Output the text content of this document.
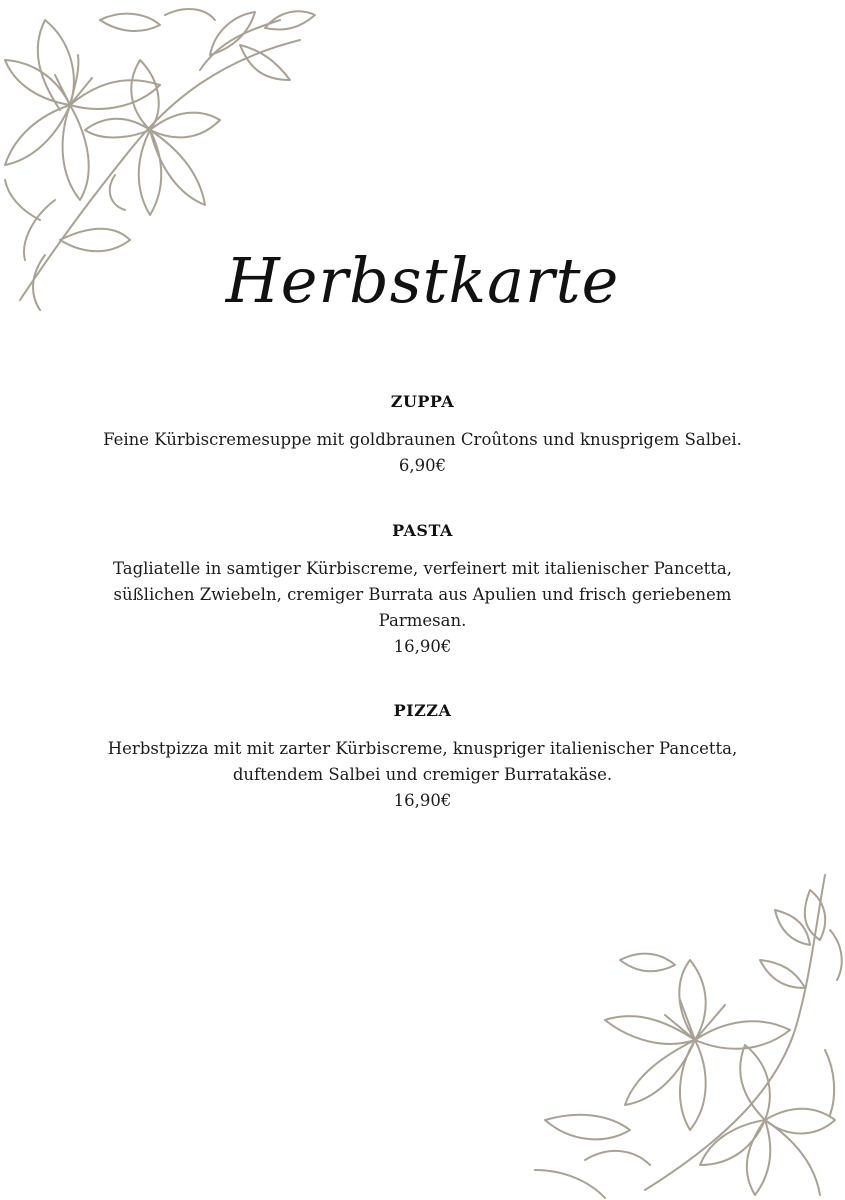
Herbstkarte
ZUPPA

Feine Kürbiscremesuppe mit goldbraunen Croûtons und knusprigem Salbei.

6,90€

PASTA

Tagliatelle in samtiger Kürbiscreme, verfeinert mit italienischer Pancetta, süßlichen Zwiebeln, cremiger Burrata aus Apulien und frisch geriebenem Parmesan.

16,90€

PIZZA

Herbstpizza mit mit zarter Kürbiscreme, knuspriger italienischer Pancetta, duftendem Salbei und cremiger Burratakäse.

16,90€
